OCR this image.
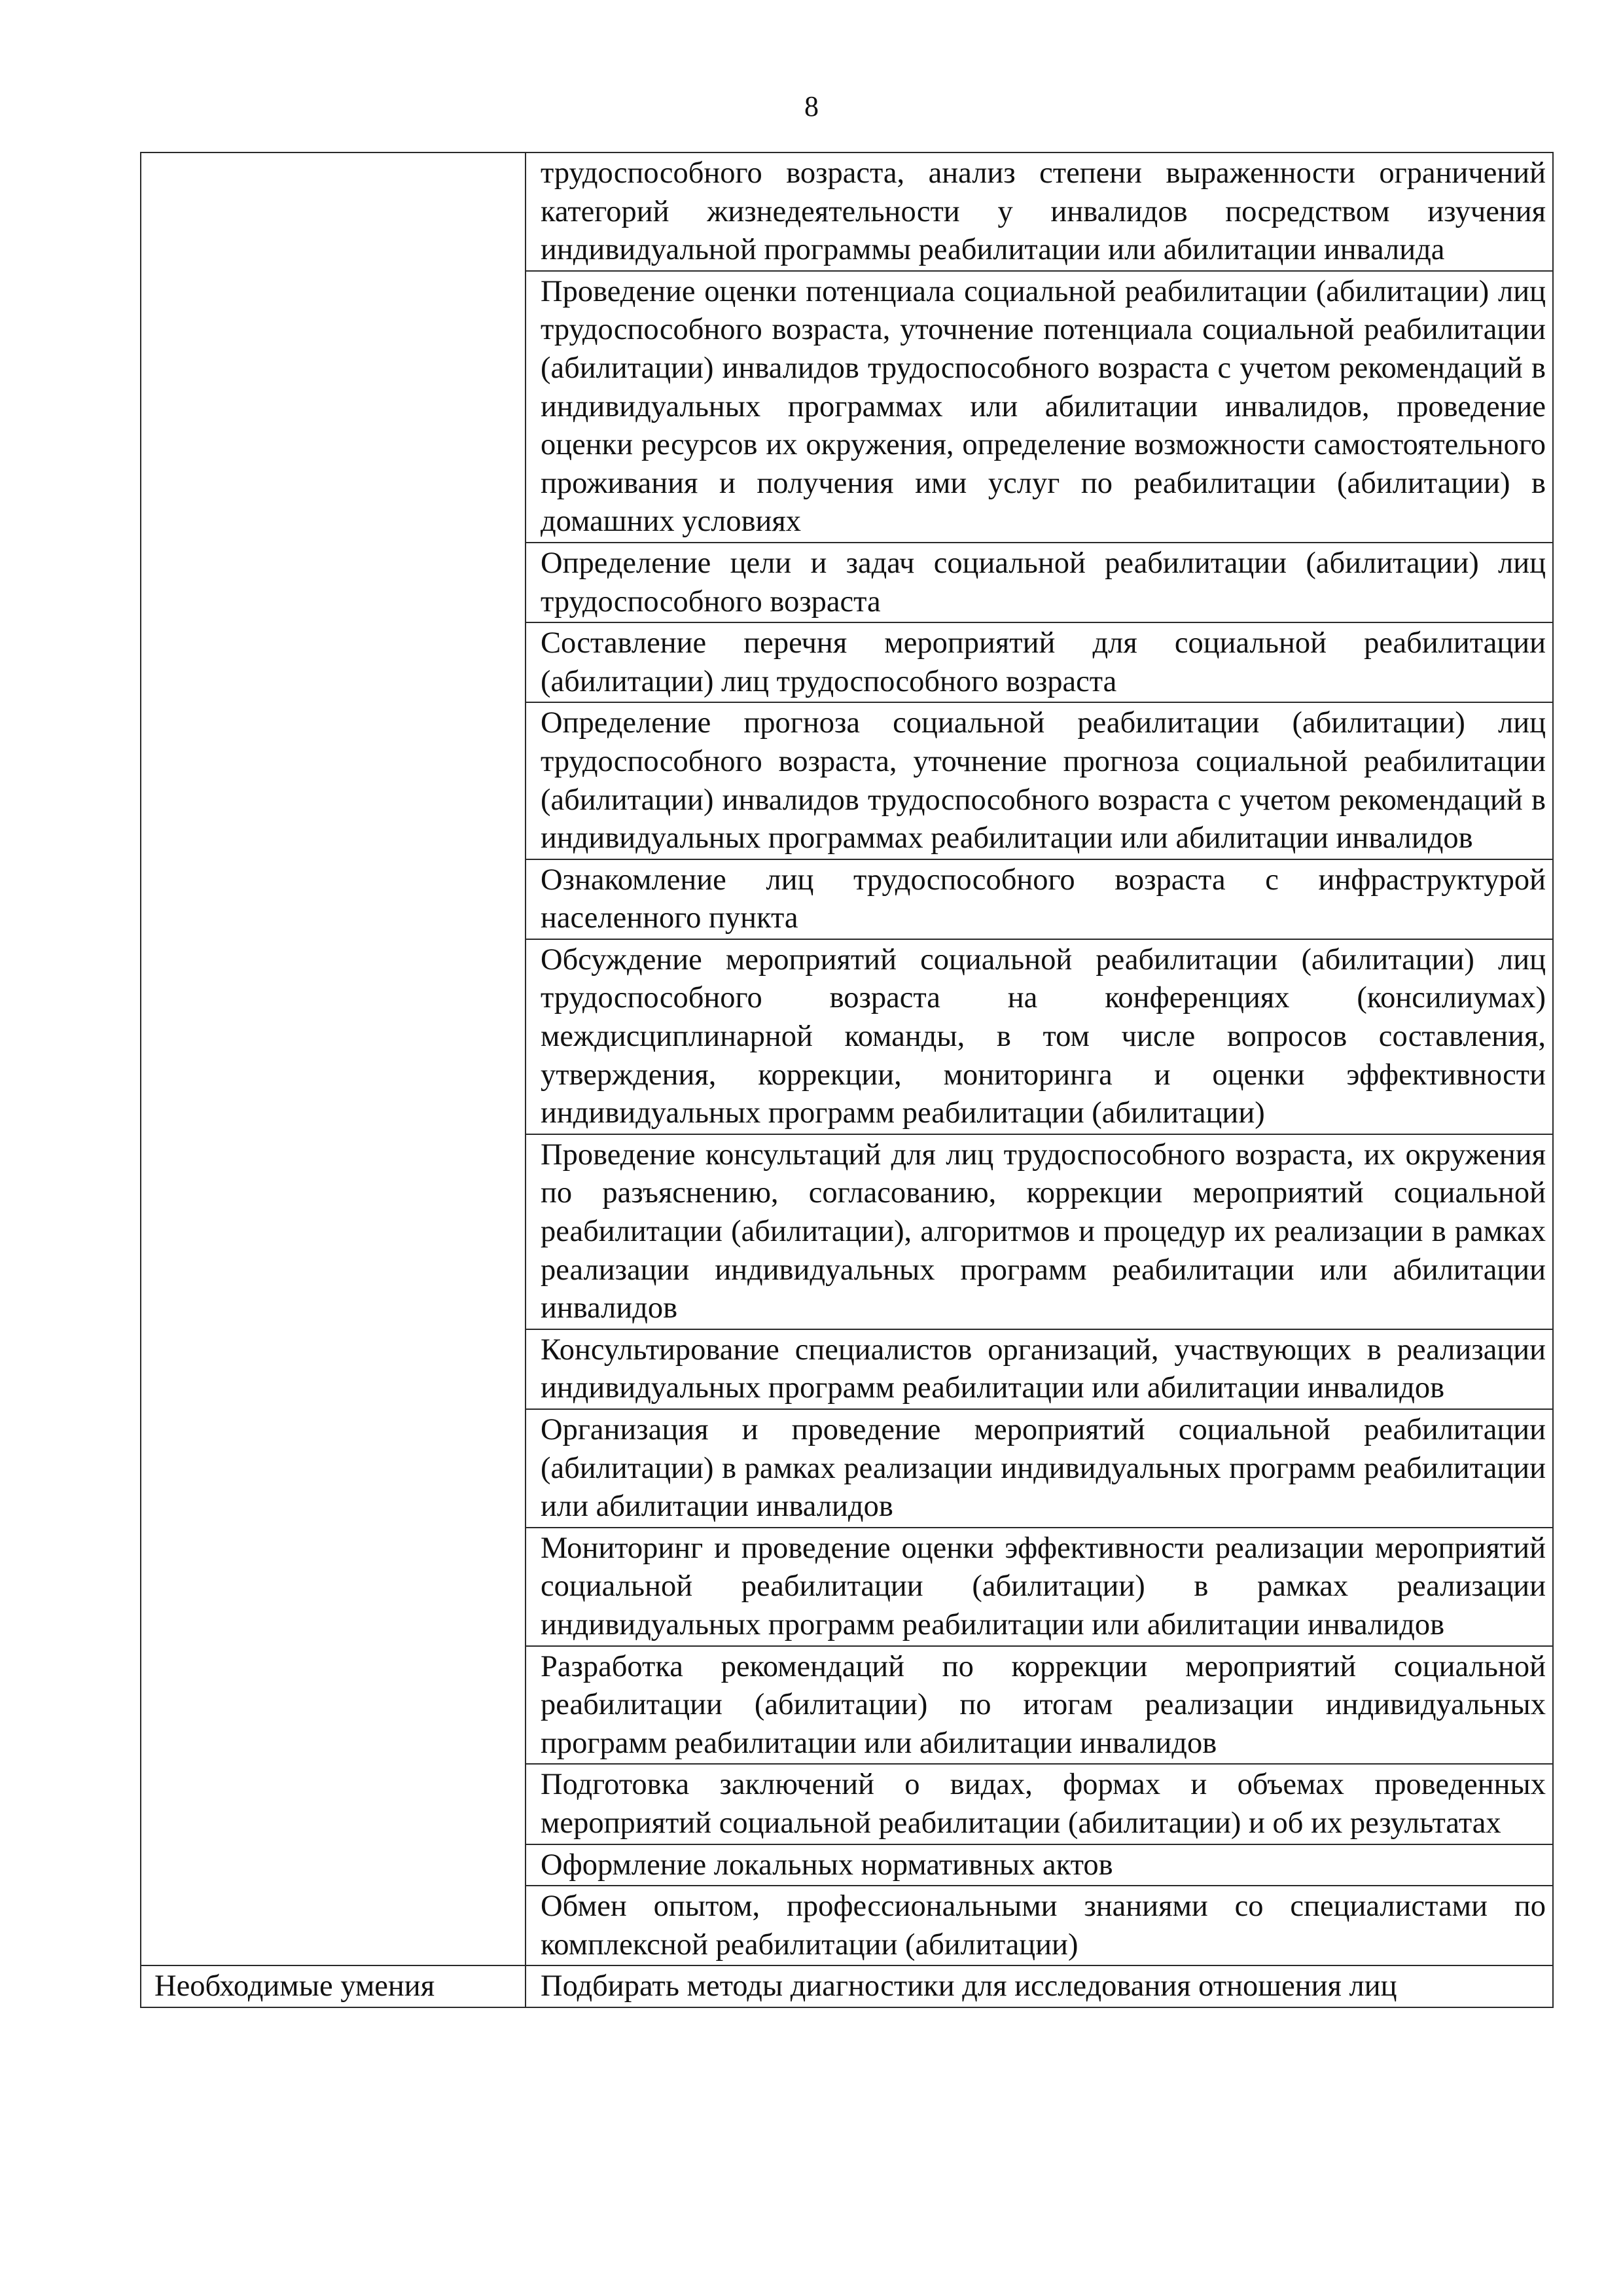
8
	трудоспособного возраста, анализ степени выраженности ограничений категорий жизнедеятельности у инвалидов посредством изучения индивидуальной программы реабилитации или абилитации инвалида
	Проведение оценки потенциала социальной реабилитации (абилитации) лиц трудоспособного возраста, уточнение потенциала социальной реабилитации (абилитации) инвалидов трудоспособного возраста с учетом рекомендаций в индивидуальных программах или абилитации инвалидов, проведение оценки ресурсов их окружения, определение возможности самостоятельного проживания и получения ими услуг по реабилитации (абилитации) в домашних условиях
	Определение цели и задач социальной реабилитации (абилитации) лиц трудоспособного возраста
	Составление перечня мероприятий для социальной реабилитации (абилитации) лиц трудоспособного возраста
	Определение прогноза социальной реабилитации (абилитации) лиц трудоспособного возраста, уточнение прогноза социальной реабилитации (абилитации) инвалидов трудоспособного возраста с учетом рекомендаций в индивидуальных программах реабилитации или абилитации инвалидов
	Ознакомление лиц трудоспособного возраста с инфраструктурой населенного пункта
	Обсуждение мероприятий социальной реабилитации (абилитации) лиц трудоспособного возраста на конференциях (консилиумах) междисциплинарной команды, в том числе вопросов составления, утверждения, коррекции, мониторинга и оценки эффективности индивидуальных программ реабилитации (абилитации)
	Проведение консультаций для лиц трудоспособного возраста, их окружения по разъяснению, согласованию, коррекции мероприятий социальной реабилитации (абилитации), алгоритмов и процедур их реализации в рамках реализации индивидуальных программ реабилитации или абилитации инвалидов
	Консультирование специалистов организаций, участвующих в реализации индивидуальных программ реабилитации или абилитации инвалидов
	Организация и проведение мероприятий социальной реабилитации (абилитации) в рамках реализации индивидуальных программ реабилитации или абилитации инвалидов
	Мониторинг и проведение оценки эффективности реализации мероприятий социальной реабилитации (абилитации) в рамках реализации индивидуальных программ реабилитации или абилитации инвалидов
	Разработка рекомендаций по коррекции мероприятий социальной реабилитации (абилитации) по итогам реализации индивидуальных программ реабилитации или абилитации инвалидов
	Подготовка заключений о видах, формах и объемах проведенных мероприятий социальной реабилитации (абилитации) и об их результатах
	Оформление локальных нормативных актов
	Обмен опытом, профессиональными знаниями со специалистами по комплексной реабилитации (абилитации)
Необходимые умения	Подбирать методы диагностики для исследования отношения лиц
